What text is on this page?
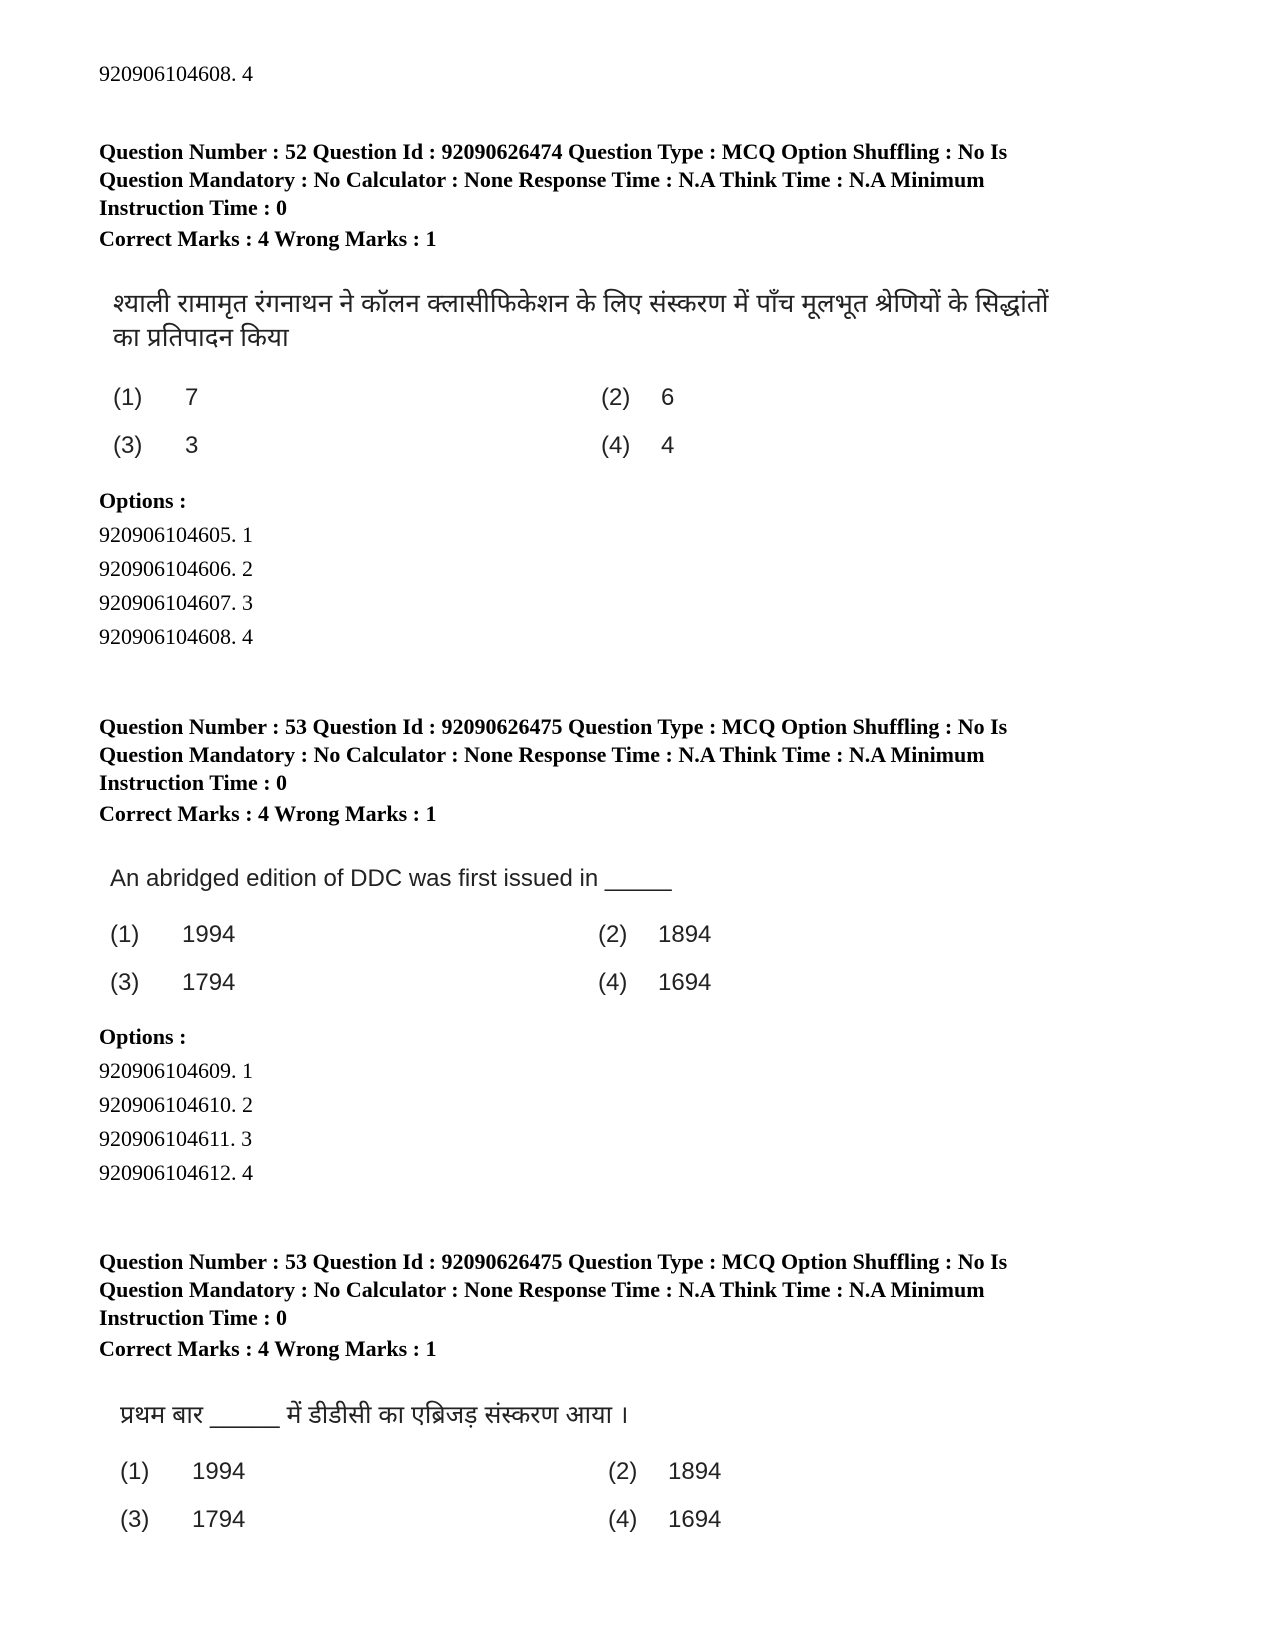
920906104608. 4
Question Number : 52 Question Id : 92090626474 Question Type : MCQ Option Shuffling : No Is
Question Mandatory : No Calculator : None Response Time : N.A Think Time : N.A Minimum
Instruction Time : 0
Correct Marks : 4 Wrong Marks : 1
श्याली रामामृत रंगनाथन ने कॉलन क्लासीफिकेशन के लिए संस्करण में पाँच मूलभूत श्रेणियों के सिद्धांतों
का प्रतिपादन किया
(1) 7	(2) 6
(3) 3	(4) 4
Options :
920906104605. 1
920906104606. 2
920906104607. 3
920906104608. 4
Question Number : 53 Question Id : 92090626475 Question Type : MCQ Option Shuffling : No Is
Question Mandatory : No Calculator : None Response Time : N.A Think Time : N.A Minimum
Instruction Time : 0
Correct Marks : 4 Wrong Marks : 1
An abridged edition of DDC was first issued in _____
(1) 1994	(2) 1894
(3) 1794	(4) 1694
Options :
920906104609. 1
920906104610. 2
920906104611. 3
920906104612. 4
Question Number : 53 Question Id : 92090626475 Question Type : MCQ Option Shuffling : No Is
Question Mandatory : No Calculator : None Response Time : N.A Think Time : N.A Minimum
Instruction Time : 0
Correct Marks : 4 Wrong Marks : 1
प्रथम बार _____ में डीडीसी का एब्रिजड़ संस्करण आया ।
(1) 1994	(2) 1894
(3) 1794	(4) 1694
